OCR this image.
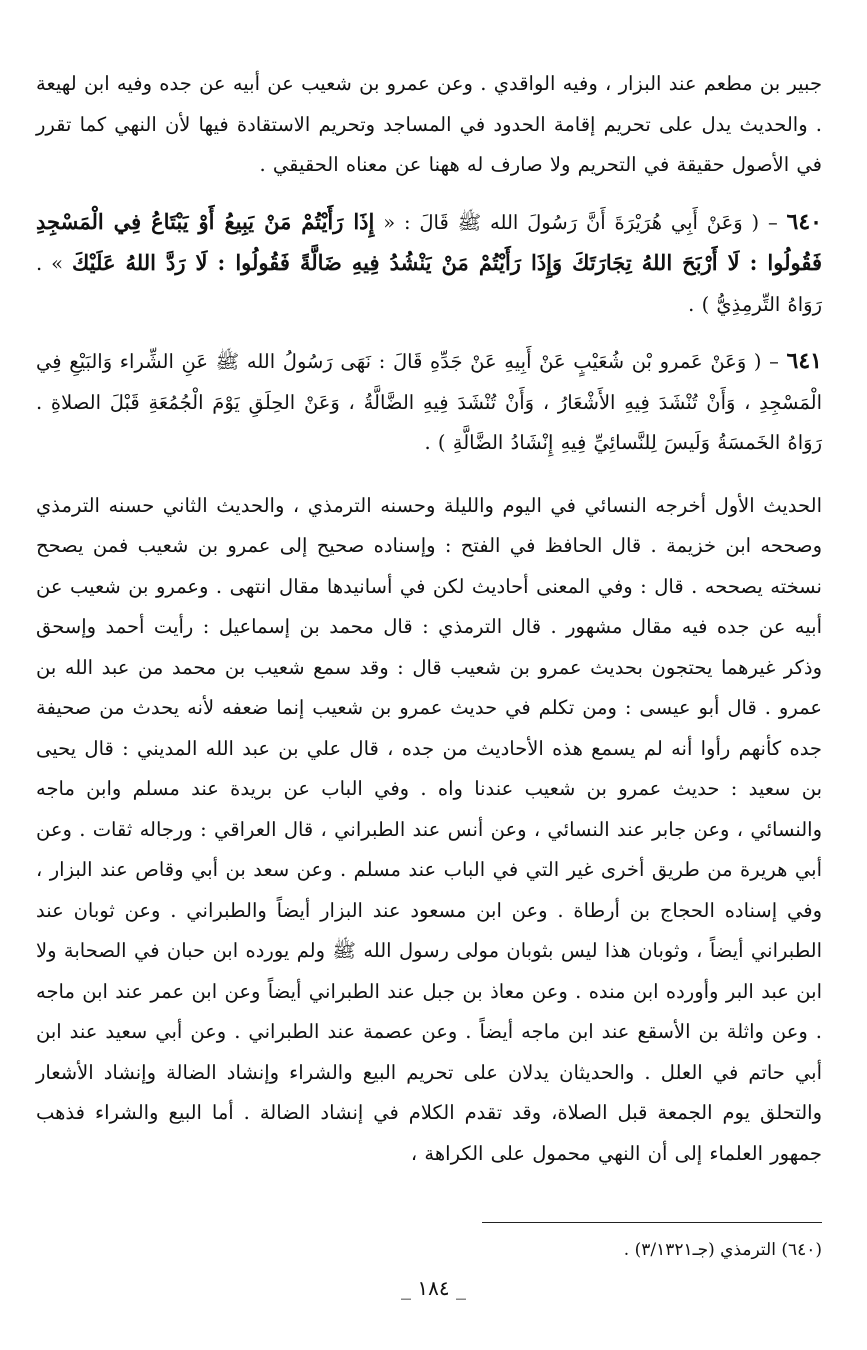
جبير بن مطعم عند البزار ، وفيه الواقدي . وعن عمرو بن شعيب عن أبيه عن جده وفيه ابن لهيعة . والحديث يدل على تحريم إقامة الحدود في المساجد وتحريم الاستقادة فيها لأن النهي كما تقرر في الأصول حقيقة في التحريم ولا صارف له ههنا عن معناه الحقيقي .

٦٤٠ – ( وَعَنْ أَبِي هُرَيْرَةَ أَنَّ رَسُولَ الله ﷺ قَالَ : « إِذَا رَأَيْتُمْ مَنْ يَبِيعُ أَوْ يَبْتَاعُ فِي الْمَسْجِدِ فَقُولُوا : لَا أَرْبَحَ اللهُ تِجَارَتَكَ وَإِذَا رَأَيْتُمْ مَنْ يَنْشُدُ فِيهِ ضَالَّةً فَقُولُوا : لَا رَدَّ اللهُ عَلَيْكَ » . رَوَاهُ التِّرمِذِيُّ ) .

٦٤١ – ( وَعَنْ عَمرو بْن شُعَيْبٍ عَنْ أَبِيهِ عَنْ جَدِّهِ قَالَ : نَهَى رَسُولُ الله ﷺ عَنِ الشِّراء وَالبَيْعِ فِي الْمَسْجِدِ ، وَأَنْ تُنْشَدَ فِيهِ الأَشْعَارُ ، وَأَنْ تُنْشَدَ فِيهِ الضَّالَّةُ ، وَعَنْ الحِلَقِ يَوْمَ الْجُمُعَةِ قَبْلَ الصلاةِ . رَوَاهُ الخَمسَةُ وَلَيسَ لِلنَّسائِيِّ فِيهِ إِنْشَادُ الضَّالَّةِ ) .

الحديث الأول أخرجه النسائي في اليوم والليلة وحسنه الترمذي ، والحديث الثاني حسنه الترمذي وصححه ابن خزيمة . قال الحافظ في الفتح : وإسناده صحيح إلى عمرو بن شعيب فمن يصحح نسخته يصححه . قال : وفي المعنى أحاديث لكن في أسانيدها مقال انتهى . وعمرو بن شعيب عن أبيه عن جده فيه مقال مشهور . قال الترمذي : قال محمد بن إسماعيل : رأيت أحمد وإسحق وذكر غيرهما يحتجون بحديث عمرو بن شعيب قال : وقد سمع شعيب بن محمد من عبد الله بن عمرو . قال أبو عيسى : ومن تكلم في حديث عمرو بن شعيب إنما ضعفه لأنه يحدث من صحيفة جده كأنهم رأوا أنه لم يسمع هذه الأحاديث من جده ، قال علي بن عبد الله المديني : قال يحيى بن سعيد : حديث عمرو بن شعيب عندنا واه . وفي الباب عن بريدة عند مسلم وابن ماجه والنسائي ، وعن جابر عند النسائي ، وعن أنس عند الطبراني ، قال العراقي : ورجاله ثقات . وعن أبي هريرة من طريق أخرى غير التي في الباب عند مسلم . وعن سعد بن أبي وقاص عند البزار ، وفي إسناده الحجاج بن أرطاة . وعن ابن مسعود عند البزار أيضاً والطبراني . وعن ثوبان عند الطبراني أيضاً ، وثوبان هذا ليس بثوبان مولى رسول الله ﷺ ولم يورده ابن حبان في الصحابة ولا ابن عبد البر وأورده ابن منده . وعن معاذ بن جبل عند الطبراني أيضاً وعن ابن عمر عند ابن ماجه . وعن واثلة بن الأسقع عند ابن ماجه أيضاً . وعن عصمة عند الطبراني . وعن أبي سعيد عند ابن أبي حاتم في العلل . والحديثان يدلان على تحريم البيع والشراء وإنشاد الضالة وإنشاد الأشعار والتحلق يوم الجمعة قبل الصلاة، وقد تقدم الكلام في إنشاد الضالة . أما البيع والشراء فذهب جمهور العلماء إلى أن النهي محمول على الكراهة ،

(٦٤٠) الترمذي (جـ٣/١٣٢١) .
_ ١٨٤ _
